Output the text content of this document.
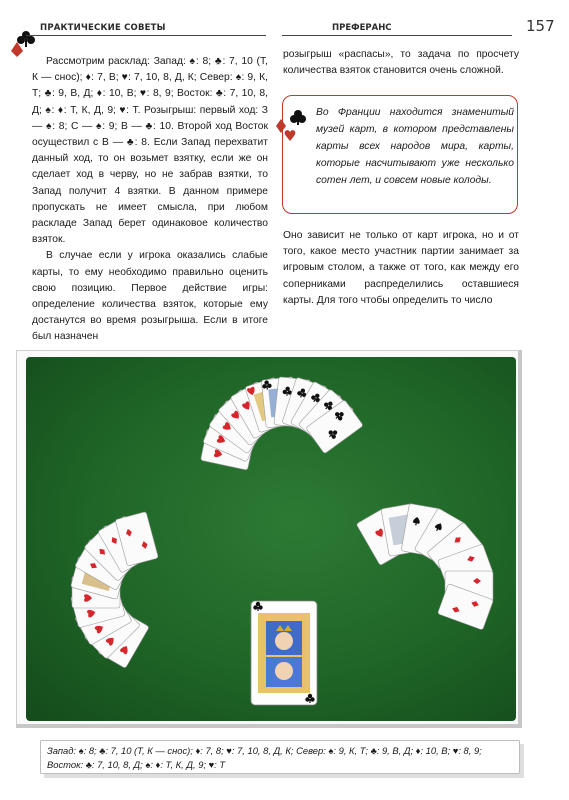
ПРАКТИЧЕСКИЕ СОВЕТЫ	ПРЕФЕРАНС	157

Рассмотрим расклад: Запад: ♠: 8; ♣: 7, 10 (Т, К — снос); ♦: 7, В; ♥: 7, 10, 8, Д, К; Север: ♠: 9, К, Т; ♣: 9, В, Д; ♦: 10, В; ♥: 8, 9; Восток: ♣: 7, 10, 8, Д; ♠: ♦: Т, К, Д, 9; ♥: Т. Розыгрыш: первый ход: З — ♠: 8; С — ♠: 9; В — ♣: 10. Второй ход Восток осуществил с В — ♣: 8. Если Запад перехватит данный ход, то он возьмет взятку, если же он сделает ход в черву, но не забрав взятки, то Запад получит 4 взятки. В данном примере пропускать не имеет смысла, при любом раскладе Запад берет одинаковое количество взяток.

В случае если у игрока оказались слабые карты, то ему необходимо правильно оценить свою позицию. Первое действие игры: определение количества взяток, которые ему достанутся во время розыгрыша. Если в итоге был назначен

розыгрыш «распасы», то задача по просчету количества взяток становится очень сложной.

Во Франции находится знаменитый музей карт, в котором представлены карты всех народов мира, карты, которые насчитывают уже несколько сотен лет, и совсем новые колоды.

Оно зависит не только от карт игрока, но и от того, какое место участник партии занимает за игровым столом, а также от того, как между его соперниками распределились оставшиеся карты. Для того чтобы определить то число

Запад: ♠: 8; ♣: 7, 10 (Т, К — снос); ♦: 7, 8; ♥: 7, 10, 8, Д, К; Север: ♠: 9, К, Т; ♣: 9, В, Д; ♦: 10, В; ♥: 8, 9; Восток: ♣: 7, 10, 8, Д; ♠: ♦: Т, К, Д, 9; ♥: Т
